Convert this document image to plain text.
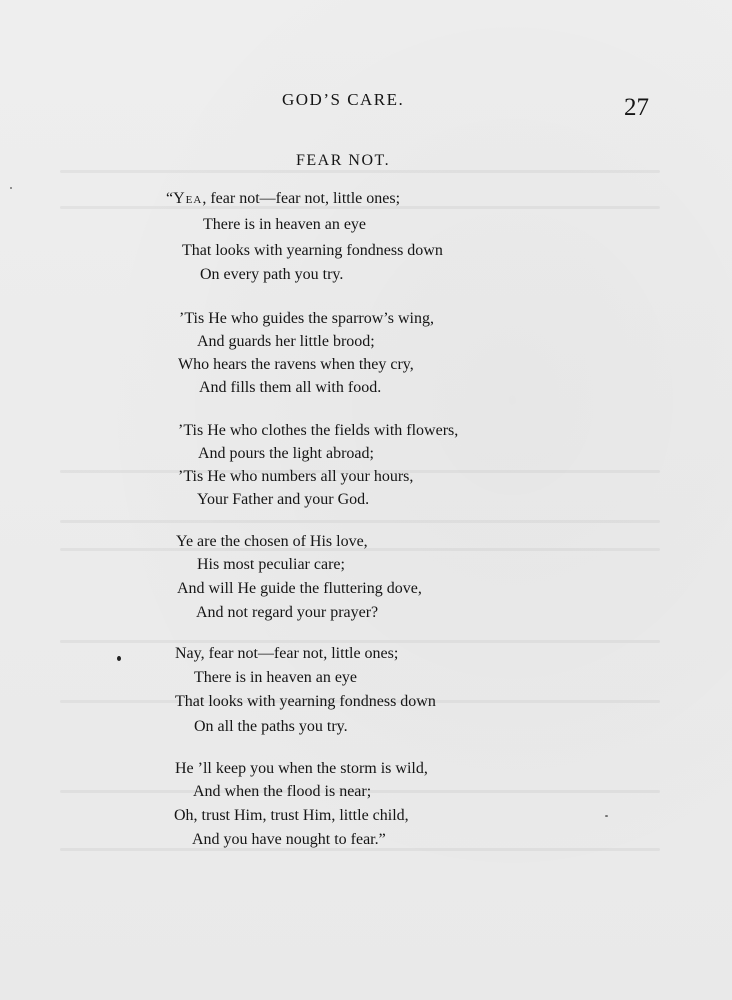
GOD’S CARE.	27
FEAR NOT.
“Yea, fear not—fear not, little ones;
There is in heaven an eye
That looks with yearning fondness down
On every path you try.
’Tis He who guides the sparrow’s wing,
And guards her little brood;
Who hears the ravens when they cry,
And fills them all with food.
’Tis He who clothes the fields with flowers,
And pours the light abroad;
’Tis He who numbers all your hours,
Your Father and your God.
Ye are the chosen of His love,
His most peculiar care;
And will He guide the fluttering dove,
And not regard your prayer?
Nay, fear not—fear not, little ones;
There is in heaven an eye
That looks with yearning fondness down
On all the paths you try.
He ’ll keep you when the storm is wild,
And when the flood is near;
Oh, trust Him, trust Him, little child,
And you have nought to fear.”
